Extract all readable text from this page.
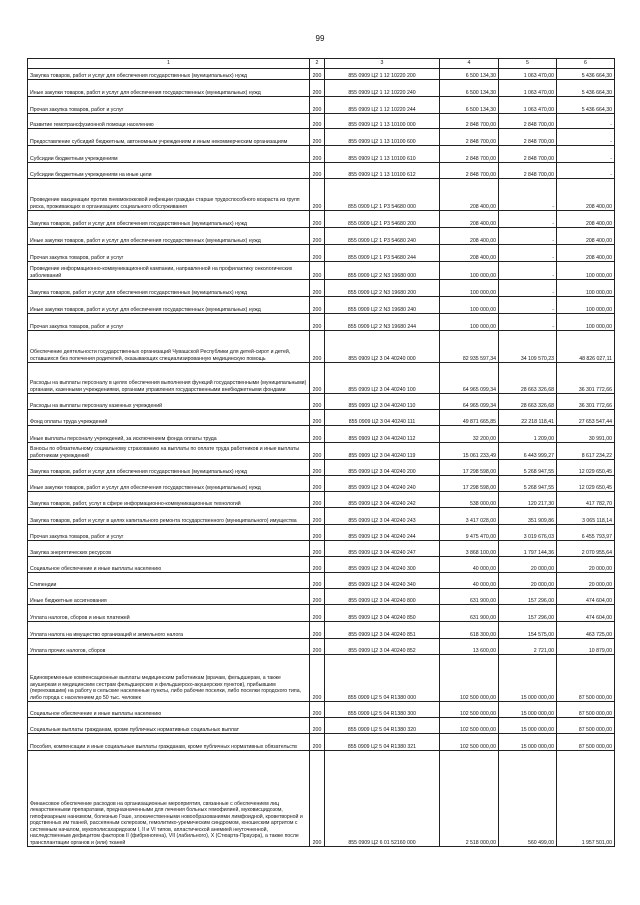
99
1	2	3	4	5	6
Закупка товаров, работ и услуг для обеспечения государственных (муниципальных) нужд	200	855 0909 Ц2 1 12 10220 200	6 500 134,30	1 063 470,00	5 436 664,30
Иные закупки товаров, работ и услуг для обеспечения государственных (муниципальных) нужд	200	855 0909 Ц2 1 12 10220 240	6 500 134,30	1 063 470,00	5 436 664,30
Прочая закупка товаров, работ и услуг	200	855 0909 Ц2 1 12 10220 244	6 500 134,30	1 063 470,00	5 436 664,30
Развитие гемотрансфузионной помощи населению	200	855 0909 Ц2 1 13 10100 000	2 848 700,00	2 848 700,00	-
Предоставление субсидий бюджетным, автономным учреждениям и иным некоммерческим организациям	200	855 0909 Ц2 1 13 10100 600	2 848 700,00	2 848 700,00	-
Субсидии бюджетным учреждениям	200	855 0909 Ц2 1 13 10100 610	2 848 700,00	2 848 700,00	-
Субсидии бюджетным учреждениям на иные цели	200	855 0909 Ц2 1 13 10100 612	2 848 700,00	2 848 700,00	-
Проведение вакцинации против пневмококковой инфекции граждан старше трудоспособного возраста из групп риска, проживающих в организациях социального обслуживания	200	855 0909 Ц2 1 Р3 54680 000	208 400,00	-	208 400,00
Закупка товаров, работ и услуг для обеспечения государственных (муниципальных) нужд	200	855 0909 Ц2 1 Р3 54680 200	208 400,00	-	208 400,00
Иные закупки товаров, работ и услуг для обеспечения государственных (муниципальных) нужд	200	855 0909 Ц2 1 Р3 54680 240	208 400,00	-	208 400,00
Прочая закупка товаров, работ и услуг	200	855 0909 Ц2 1 Р3 54680 244	208 400,00	-	208 400,00
Проведение информационно-коммуникационной кампании, направленной на профилактику онкологических заболеваний	200	855 0909 Ц2 2 N3 19680 000	100 000,00	-	100 000,00
Закупка товаров, работ и услуг для обеспечения государственных (муниципальных) нужд	200	855 0909 Ц2 2 N3 19680 200	100 000,00	-	100 000,00
Иные закупки товаров, работ и услуг для обеспечения государственных (муниципальных) нужд	200	855 0909 Ц2 2 N3 19680 240	100 000,00	-	100 000,00
Прочая закупка товаров, работ и услуг	200	855 0909 Ц2 2 N3 19680 244	100 000,00	-	100 000,00
Обеспечение деятельности государственных организаций Чувашской Республики для детей-сирот и детей, оставшихся без попечения родителей, оказывающих специализированную медицинскую помощь	200	855 0909 Ц2 3 04 40240 000	82 935 597,34	34 109 570,23	48 826 027,11
Расходы на выплаты персоналу в целях обеспечения выполнения функций государственными (муниципальными) органами, казенными учреждениями, органами управления государственными внебюджетными фондами	200	855 0909 Ц2 3 04 40240 100	64 965 099,34	28 663 326,68	36 301 772,66
Расходы на выплаты персоналу казенных учреждений	200	855 0909 Ц2 3 04 40240 110	64 965 099,34	28 663 326,68	36 301 772,66
Фонд оплаты труда учреждений	200	855 0909 Ц2 3 04 40240 111	49 871 665,85	22 218 118,41	27 653 547,44
Иные выплаты персоналу учреждений, за исключением фонда оплаты труда	200	855 0909 Ц2 3 04 40240 112	32 200,00	1 209,00	30 991,00
Взносы по обязательному социальному страхованию на выплаты по оплате труда работников и иные выплаты работникам учреждений	200	855 0909 Ц2 3 04 40240 119	15 061 233,49	6 443 999,27	8 617 234,22
Закупка товаров, работ и услуг для обеспечения государственных (муниципальных) нужд	200	855 0909 Ц2 3 04 40240 200	17 298 598,00	5 268 947,55	12 029 650,45
Иные закупки товаров, работ и услуг для обеспечения государственных (муниципальных) нужд	200	855 0909 Ц2 3 04 40240 240	17 298 598,00	5 268 947,55	12 029 650,45
Закупка товаров, работ, услуг в сфере информационно-коммуникационных технологий	200	855 0909 Ц2 3 04 40240 242	538 000,00	120 217,30	417 782,70
Закупка товаров, работ и услуг в целях капитального ремонта государственного (муниципального) имущества	200	855 0909 Ц2 3 04 40240 243	3 417 028,00	351 909,86	3 065 118,14
Прочая закупка товаров, работ и услуг	200	855 0909 Ц2 3 04 40240 244	9 475 470,00	3 019 676,03	6 455 793,97
Закупка энергетических ресурсов	200	855 0909 Ц2 3 04 40240 247	3 868 100,00	1 797 144,36	2 070 955,64
Социальное обеспечение и иные выплаты населению	200	855 0909 Ц2 3 04 40240 300	40 000,00	20 000,00	20 000,00
Стипендии	200	855 0909 Ц2 3 04 40240 340	40 000,00	20 000,00	20 000,00
Иные бюджетные ассигнования	200	855 0909 Ц2 3 04 40240 800	631 900,00	157 296,00	474 604,00
Уплата налогов, сборов и иных платежей	200	855 0909 Ц2 3 04 40240 850	631 900,00	157 296,00	474 604,00
Уплата налога на имущество организаций и земельного налога	200	855 0909 Ц2 3 04 40240 851	618 300,00	154 575,00	463 725,00
Уплата прочих налогов, сборов	200	855 0909 Ц2 3 04 40240 852	13 600,00	2 721,00	10 879,00
Единовременные компенсационные выплаты медицинским работникам (врачам, фельдшерам, а также акушеркам и медицинским сестрам фельдшерских и фельдшерско-акушерских пунктов), прибывшим (переехавшим) на работу в сельские населенные пункты, либо рабочие поселки, либо поселки городского типа, либо города с населением до 50 тыс. человек	200	855 0909 Ц2 5 04 R1380 000	102 500 000,00	15 000 000,00	87 500 000,00
Социальное обеспечение и иные выплаты населению	200	855 0909 Ц2 5 04 R1380 300	102 500 000,00	15 000 000,00	87 500 000,00
Социальные выплаты гражданам, кроме публичных нормативных социальных выплат	200	855 0909 Ц2 5 04 R1380 320	102 500 000,00	15 000 000,00	87 500 000,00
Пособия, компенсации и иные социальные выплаты гражданам, кроме публичных нормативных обязательств	200	855 0909 Ц2 5 04 R1380 321	102 500 000,00	15 000 000,00	87 500 000,00
Финансовое обеспечение расходов на организационные мероприятия, связанные с обеспечением лиц лекарственными препаратами, предназначенными для лечения больных гемофилией, муковисцидозом, гипофизарным нанизмом, болезнью Гоше, злокачественными новообразованиями лимфоидной, кроветворной и родственных им тканей, рассеянным склерозом, гемолитико-уремическим синдромом, юношеским артритом с системным началом, мукополисахаридозом I, II и VI типов, апластической анемией неуточненной, наследственным дефицитом факторов II (фибриногена), VII (лабильного), X (Стюарта-Прауэра), а также после трансплантации органов и (или) тканей	200	855 0909 Ц2 6 01 52160 000	2 518 000,00	560 499,00	1 957 501,00
